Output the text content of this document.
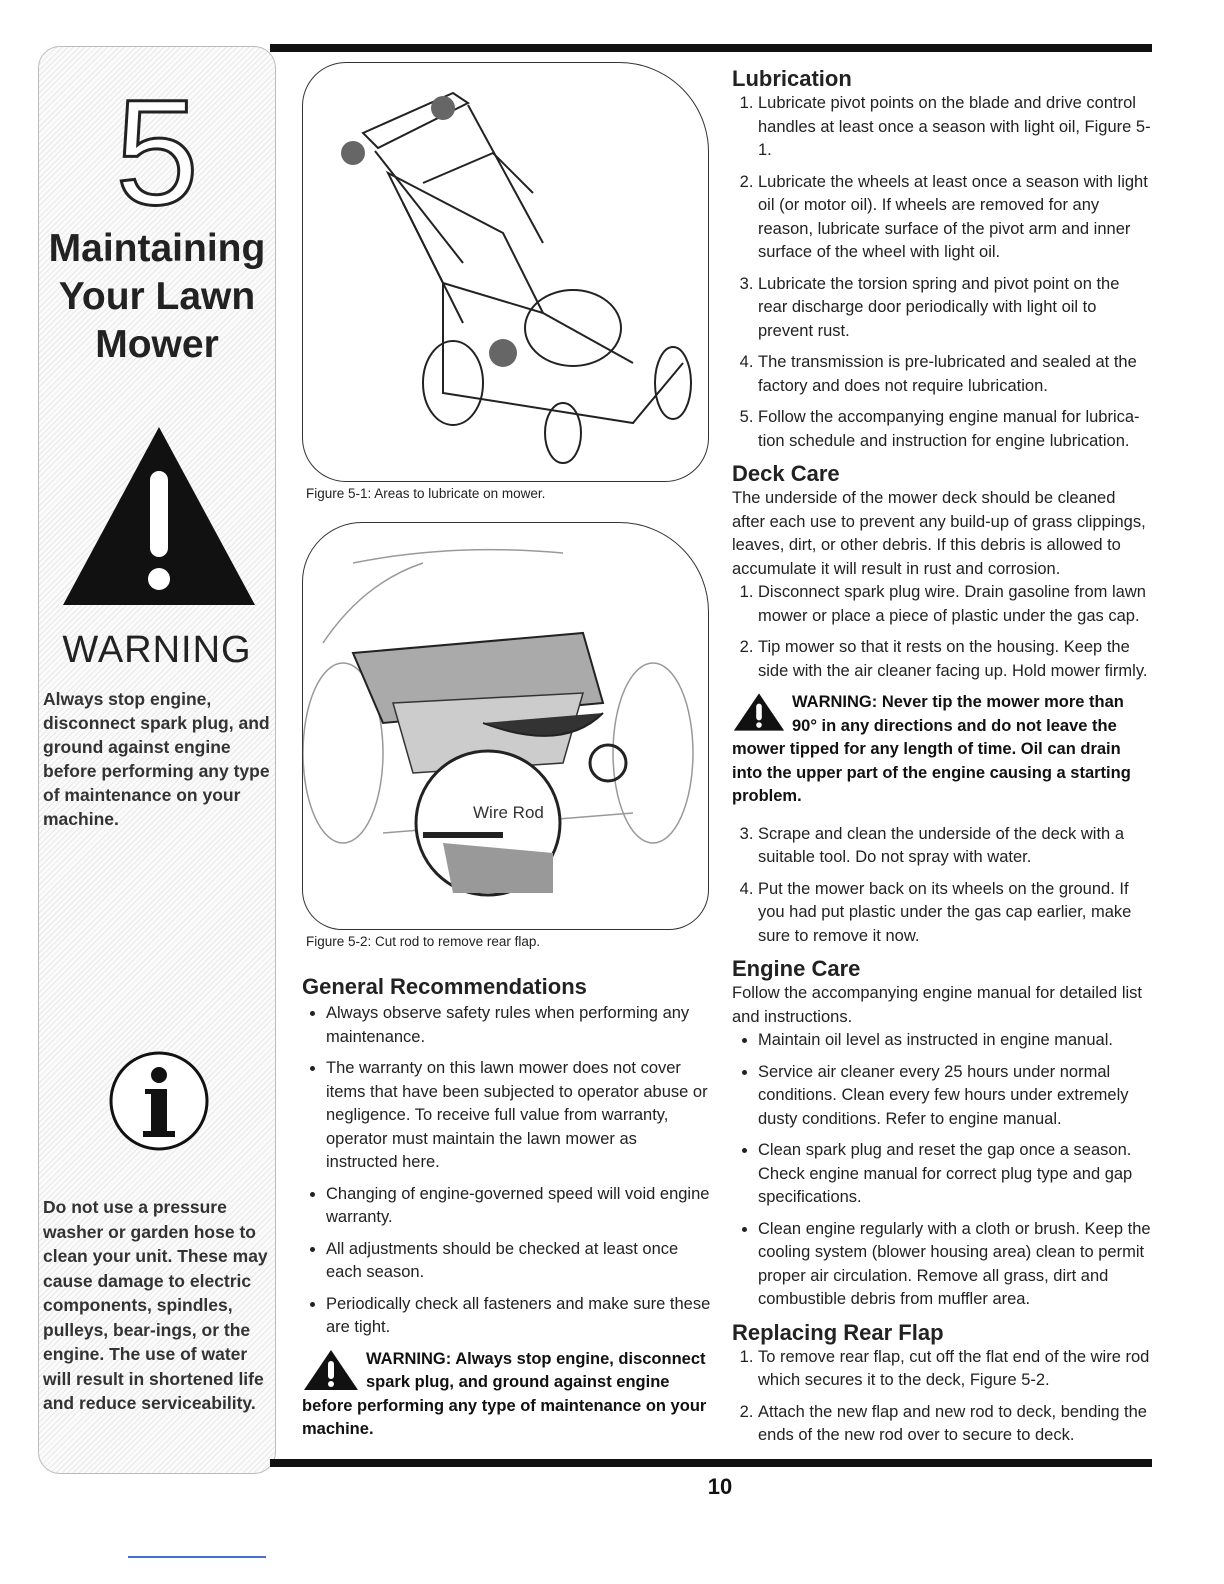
5
Maintaining
Your Lawn
Mower
WARNING
Always stop engine, disconnect spark plug, and ground against engine before performing any type of maintenance on your machine.
Do not use a pressure washer or garden hose to clean your unit. These may cause damage to electric components, spindles, pulleys, bear-ings, or the engine. The use of water will result in shortened life and reduce serviceability.
Figure 5-1: Areas to lubricate on mower.
Wire Rod
Figure 5-2: Cut rod to remove rear flap.
General Recommendations
• Always observe safety rules when performing any maintenance.
• The warranty on this lawn mower does not cover items that have been subjected to operator abuse or negligence. To receive full value from warranty, operator must maintain the lawn mower as instructed here.
• Changing of engine-governed speed will void engine warranty.
• All adjustments should be checked at least once each season.
• Periodically check all fasteners and make sure these are tight.
WARNING: Always stop engine, disconnect spark plug, and ground against engine before performing any type of maintenance on your machine.
Lubrication
1. Lubricate pivot points on the blade and drive control handles at least once a season with light oil, Figure 5-1.
2. Lubricate the wheels at least once a season with light oil (or motor oil). If wheels are removed for any reason, lubricate surface of the pivot arm and inner surface of the wheel with light oil.
3. Lubricate the torsion spring and pivot point on the rear discharge door periodically with light oil to prevent rust.
4. The transmission is pre-lubricated and sealed at the factory and does not require lubrication.
5. Follow the accompanying engine manual for lubrica-tion schedule and instruction for engine lubrication.
Deck Care

The underside of the mower deck should be cleaned after each use to prevent any build-up of grass clippings, leaves, dirt, or other debris. If this debris is allowed to accumulate it will result in rust and corrosion.

1. Disconnect spark plug wire. Drain gasoline from lawn mower or place a piece of plastic under the gas cap.
2. Tip mower so that it rests on the housing. Keep the side with the air cleaner facing up. Hold mower firmly.
WARNING: Never tip the mower more than 90° in any directions and do not leave the mower tipped for any length of time. Oil can drain into the upper part of the engine causing a starting problem.
3. Scrape and clean the underside of the deck with a suitable tool. Do not spray with water.
4. Put the mower back on its wheels on the ground. If you had put plastic under the gas cap earlier, make sure to remove it now.
Engine Care

Follow the accompanying engine manual for detailed list and instructions.

• Maintain oil level as instructed in engine manual.
• Service air cleaner every 25 hours under normal conditions. Clean every few hours under extremely dusty conditions. Refer to engine manual.
• Clean spark plug and reset the gap once a season. Check engine manual for correct plug type and gap specifications.
• Clean engine regularly with a cloth or brush. Keep the cooling system (blower housing area) clean to permit proper air circulation. Remove all grass, dirt and combustible debris from muffler area.
Replacing Rear Flap
1. To remove rear flap, cut off the flat end of the wire rod which secures it to the deck, Figure 5-2.
2. Attach the new flap and new rod to deck, bending the ends of the new rod over to secure to deck.
10
